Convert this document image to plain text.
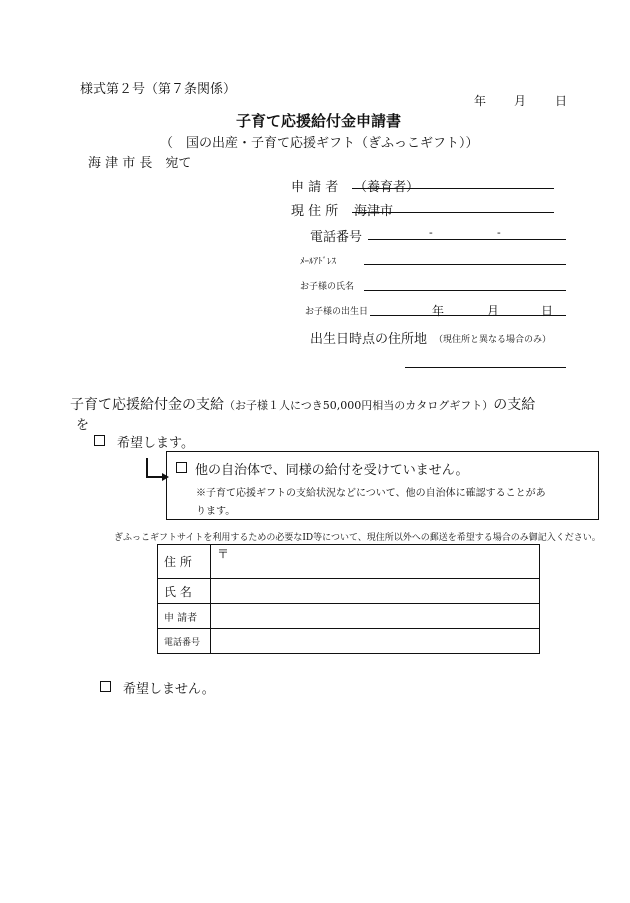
様式第２号（第７条関係）
年 月 日
子育て応援給付金申請書
（　国の出産・子育て応援ギフト（ぎふっこギフト））
海 津 市 長　宛て
申 請 者 （養育者）
現 住 所 海津市
電話番号	-	-
ﾒｰﾙｱﾄﾞﾚｽ
お子様の氏名
お子様の出生日	年	月	日
出生日時点の住所地 （現住所と異なる場合のみ）
子育て応援給付金の支給（お子様１人につき50,000円相当のカタログギフト）の支給
を
希望します。
他の自治体で、同様の給付を受けていません。
※子育て応援ギフトの支給状況などについて、他の自治体に確認することがあ
ります。
ぎふっこギフトサイトを利用するための必要なID等について、現住所以外への郵送を希望する場合のみ御記入ください。
住 所	〒
氏 名	
申 請者	
電話番号	
希望しません。
